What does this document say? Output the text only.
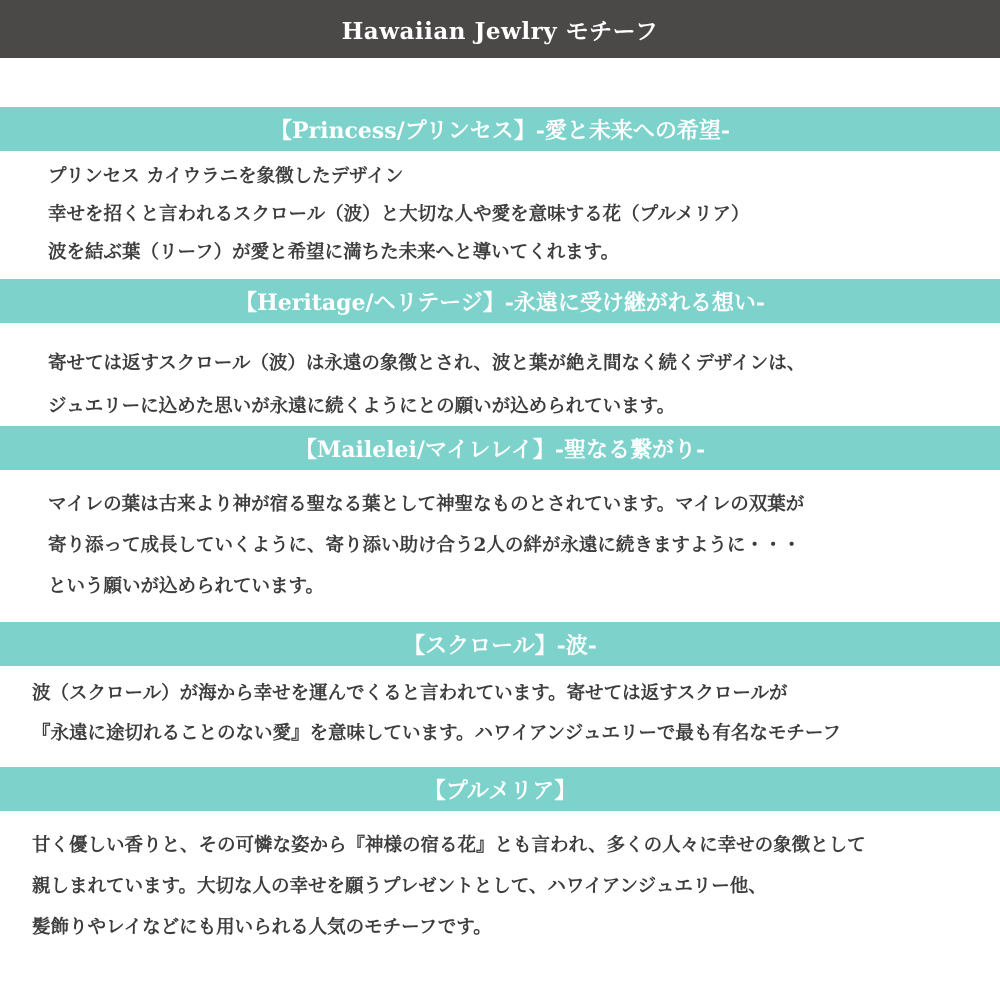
Hawaiian Jewlry モチーフ
【Princess/プリンセス】-愛と未来への希望-
プリンセス カイウラニを象徴したデザイン
幸せを招くと言われるスクロール（波）と大切な人や愛を意味する花（プルメリア）
波を結ぶ葉（リーフ）が愛と希望に満ちた未来へと導いてくれます。
【Heritage/ヘリテージ】-永遠に受け継がれる想い-
寄せては返すスクロール（波）は永遠の象徴とされ、波と葉が絶え間なく続くデザインは、
ジュエリーに込めた思いが永遠に続くようにとの願いが込められています。
【Mailelei/マイレレイ】-聖なる繋がり-
マイレの葉は古来より神が宿る聖なる葉として神聖なものとされています。マイレの双葉が
寄り添って成長していくように、寄り添い助け合う2人の絆が永遠に続きますように・・・
という願いが込められています。
【スクロール】-波-
波（スクロール）が海から幸せを運んでくると言われています。寄せては返すスクロールが
『永遠に途切れることのない愛』を意味しています。ハワイアンジュエリーで最も有名なモチーフ
【プルメリア】
甘く優しい香りと、その可憐な姿から『神様の宿る花』とも言われ、多くの人々に幸せの象徴として
親しまれています。大切な人の幸せを願うプレゼントとして、ハワイアンジュエリー他、
髪飾りやレイなどにも用いられる人気のモチーフです。
